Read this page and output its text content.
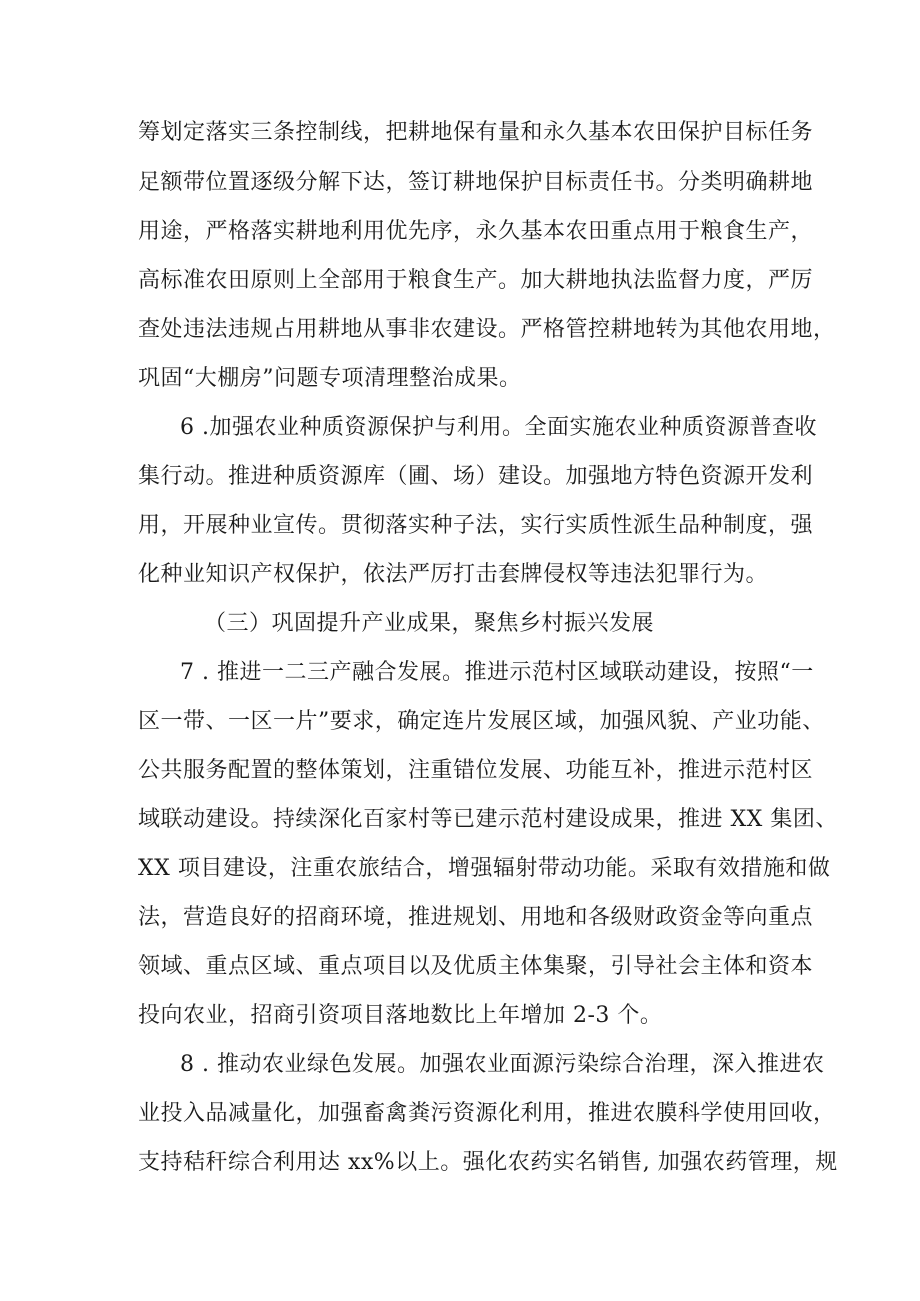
筹划定落实三条控制线，把耕地保有量和永久基本农田保护目标任务
足额带位置逐级分解下达，签订耕地保护目标责任书。分类明确耕地
用途，严格落实耕地利用优先序，永久基本农田重点用于粮食生产，
高标准农田原则上全部用于粮食生产。加大耕地执法监督力度，严厉
查处违法违规占用耕地从事非农建设。严格管控耕地转为其他农用地，
巩固“大棚房”问题专项清理整治成果。
6 .加强农业种质资源保护与利用。全面实施农业种质资源普查收
集行动。推进种质资源库（圃、场）建设。加强地方特色资源开发利
用，开展种业宣传。贯彻落实种子法，实行实质性派生品种制度，强
化种业知识产权保护，依法严厉打击套牌侵权等违法犯罪行为。
（三）巩固提升产业成果，聚焦乡村振兴发展
7 . 推进一二三产融合发展。推进示范村区域联动建设，按照“一
区一带、一区一片”要求，确定连片发展区域，加强风貌、产业功能、
公共服务配置的整体策划，注重错位发展、功能互补，推进示范村区
域联动建设。持续深化百家村等已建示范村建设成果，推进 XX 集团、
XX 项目建设，注重农旅结合，增强辐射带动功能。采取有效措施和做
法，营造良好的招商环境，推进规划、用地和各级财政资金等向重点
领域、重点区域、重点项目以及优质主体集聚，引导社会主体和资本
投向农业，招商引资项目落地数比上年增加 2-3 个。
8 . 推动农业绿色发展。加强农业面源污染综合治理，深入推进农
业投入品减量化，加强畜禽粪污资源化利用，推进农膜科学使用回收，
支持秸秆综合利用达 xx%以上。强化农药实名销售, 加强农药管理，规
